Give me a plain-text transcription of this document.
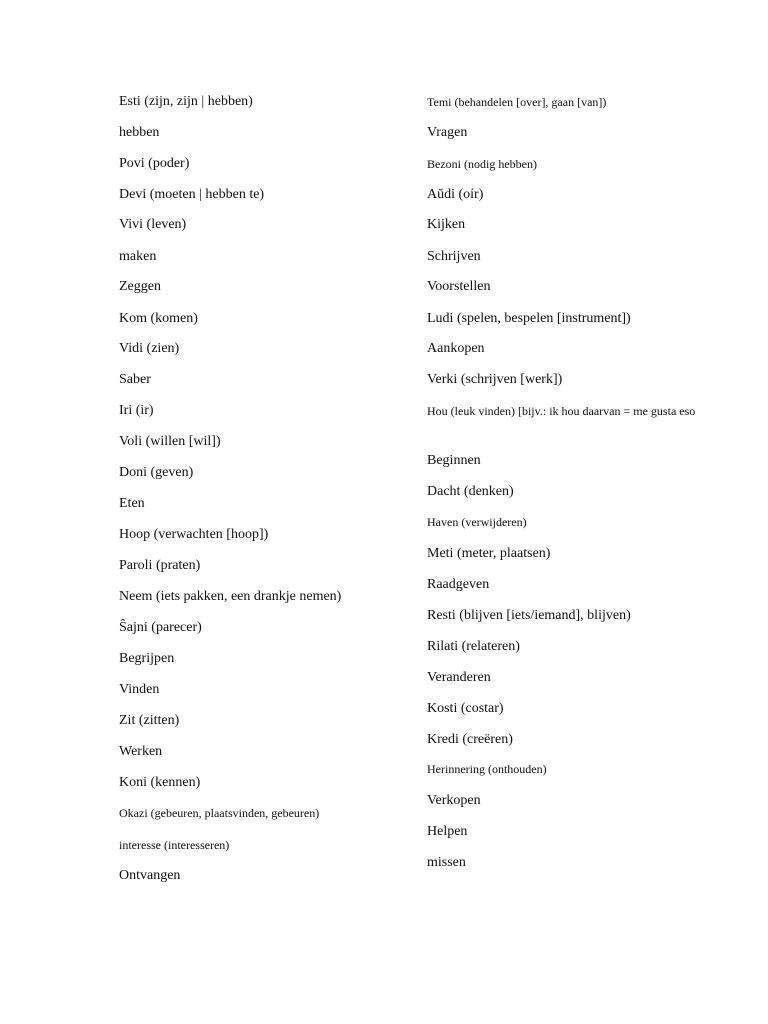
Esti (zijn, zijn | hebben)
hebben
Povi (poder)
Devi (moeten | hebben te)
Vivi (leven)
maken
Zeggen
Kom (komen)
Vidi (zien)
Saber
Iri (ir)
Voli (willen [wil])
Doni (geven)
Eten
Hoop (verwachten [hoop])
Paroli (praten)
Neem (iets pakken, een drankje nemen)
Ŝajni (parecer)
Begrijpen
Vinden
Zit (zitten)
Werken
Koni (kennen)
Okazi (gebeuren, plaatsvinden, gebeuren)
interesse (interesseren)
Ontvangen
Temi (behandelen [over], gaan [van])
Vragen
Bezoni (nodig hebben)
Aŭdi (oír)
Kijken
Schrijven
Voorstellen
Ludi (spelen, bespelen [instrument])
Aankopen
Verki (schrijven [werk])
Hou (leuk vinden) [bijv.: ik hou daarvan = me gusta eso
Beginnen
Dacht (denken)
Haven (verwijderen)
Meti (meter, plaatsen)
Raadgeven
Resti (blijven [iets/iemand], blijven)
Rilati (relateren)
Veranderen
Kosti (costar)
Kredi (creëren)
Herinnering (onthouden)
Verkopen
Helpen
missen
